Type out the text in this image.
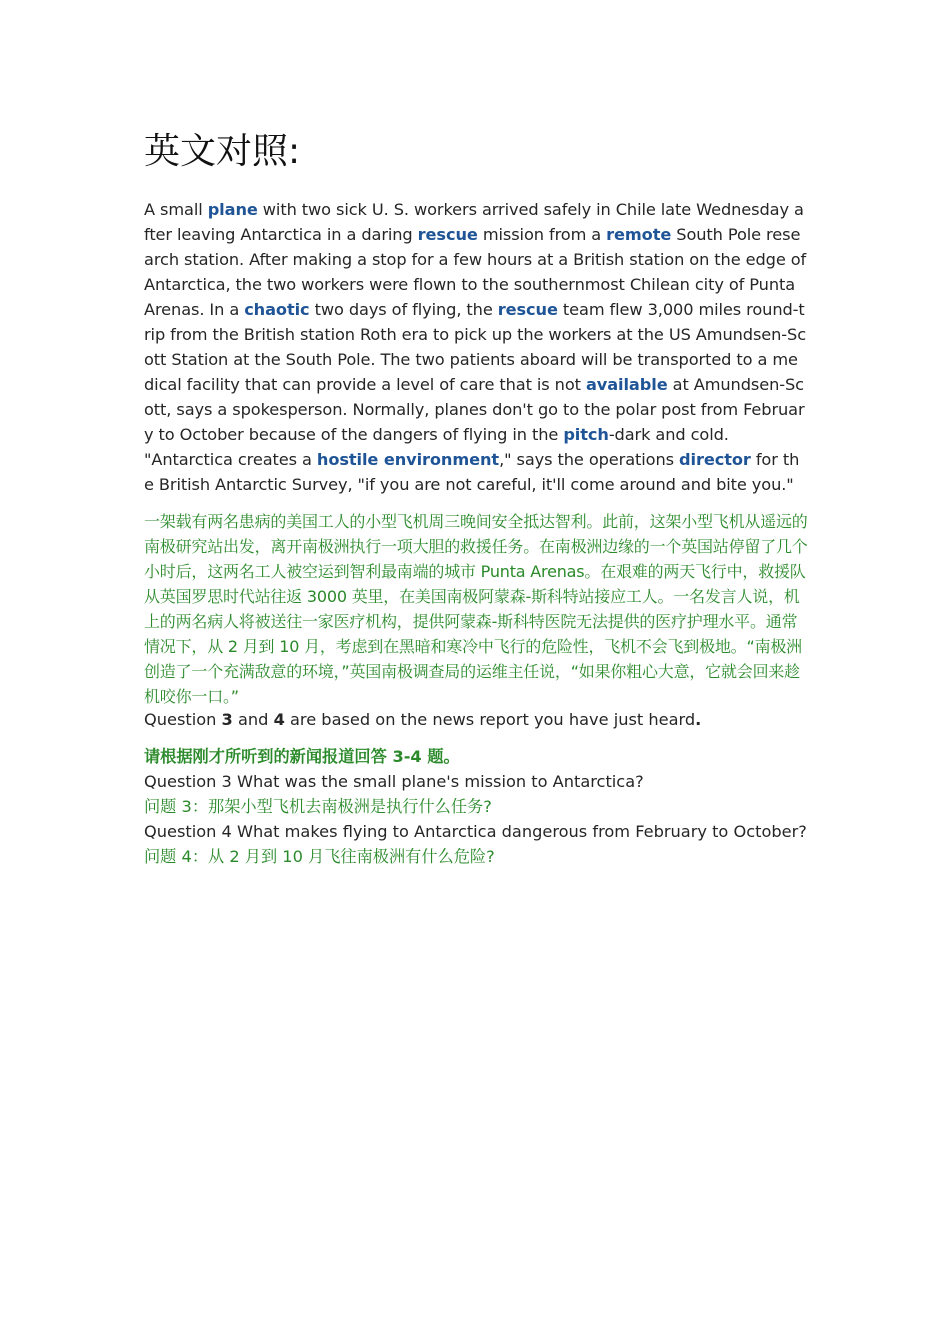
英文对照:

A small plane with two sick U. S. workers arrived safely in Chile late Wednesday after leaving Antarctica in a daring rescue mission from a remote South Pole research station. After making a stop for a few hours at a British station on the edge of Antarctica, the two workers were flown to the southernmost Chilean city of Punta Arenas. In a chaotic two days of flying, the rescue team flew 3,000 miles round-trip from the British station Roth era to pick up the workers at the US Amundsen-Scott Station at the South Pole. The two patients aboard will be transported to a medical facility that can provide a level of care that is not available at Amundsen-Scott, says a spokesperson. Normally, planes don't go to the polar post from February to October because of the dangers of flying in the pitch-dark and cold.
"Antarctica creates a hostile environment," says the operations director for the British Antarctic Survey, "if you are not careful, it'll come around and bite you."

一架载有两名患病的美国工人的小型飞机周三晚间安全抵达智利。此前，这架小型飞机从遥远的南极研究站出发，离开南极洲执行一项大胆的救援任务。在南极洲边缘的一个英国站停留了几个小时后，这两名工人被空运到智利最南端的城市 Punta Arenas。在艰难的两天飞行中，救援队从英国罗思时代站往返 3000 英里，在美国南极阿蒙森-斯科特站接应工人。一名发言人说，机上的两名病人将被送往一家医疗机构，提供阿蒙森-斯科特医院无法提供的医疗护理水平。通常情况下，从 2 月到 10 月，考虑到在黑暗和寒冷中飞行的危险性，飞机不会飞到极地。“南极洲创造了一个充满敌意的环境，”英国南极调查局的运维主任说，“如果你粗心大意，它就会回来趁机咬你一口。”

Question 3 and 4 are based on the news report you have just heard.
请根据刚才所听到的新闻报道回答 3-4 题。
Question 3 What was the small plane's mission to Antarctica?
问题 3：那架小型飞机去南极洲是执行什么任务?
Question 4 What makes flying to Antarctica dangerous from February to October?
问题 4：从 2 月到 10 月飞往南极洲有什么危险?
